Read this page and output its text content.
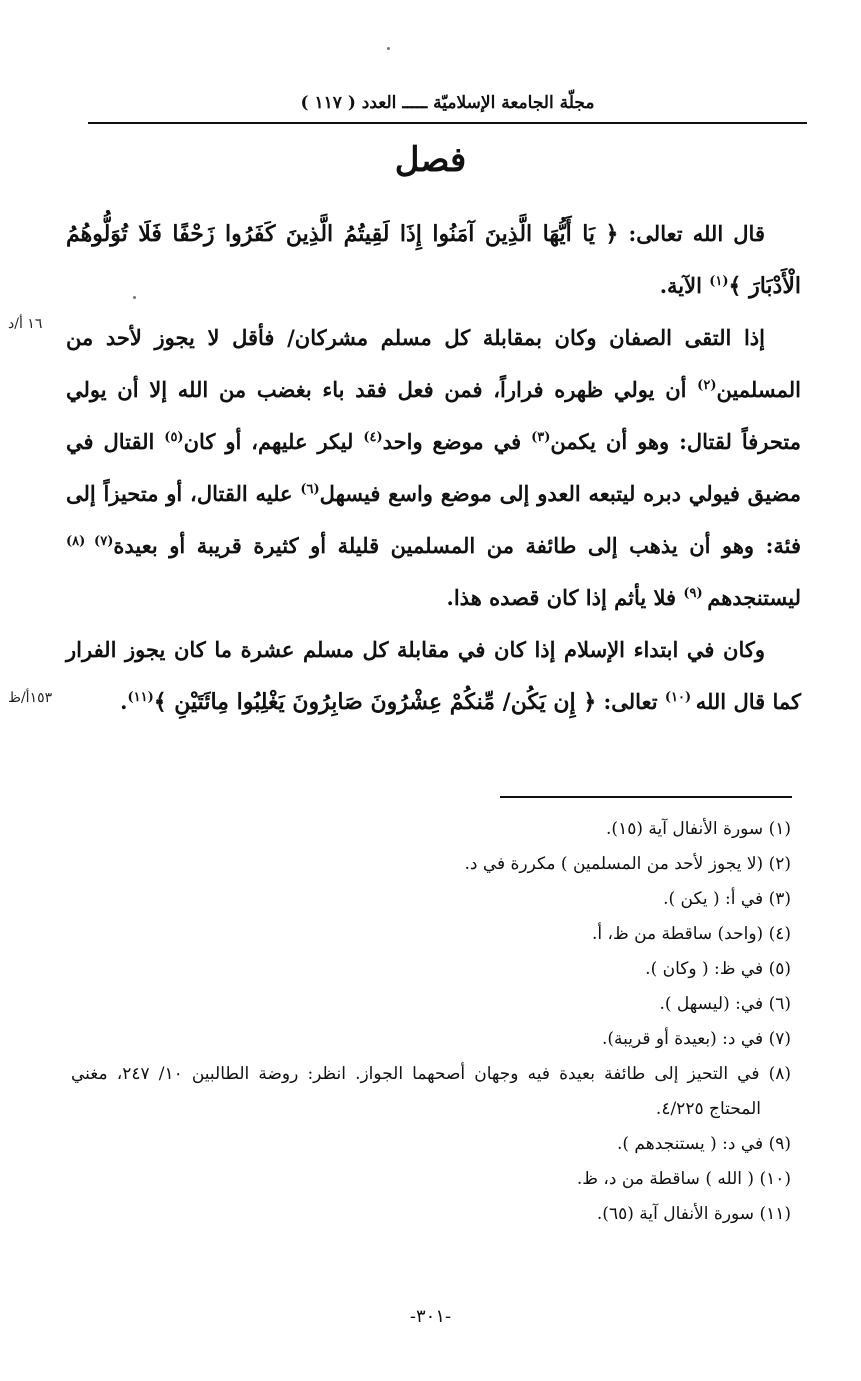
مجلّة الجامعة الإسلاميّة ـــــ العدد ( ١١٧ )
فصل

قال الله تعالى: ﴿ يَا أَيُّهَا الَّذِينَ آمَنُوا إِذَا لَقِيتُمُ الَّذِينَ كَفَرُوا زَحْفًا فَلَا تُوَلُّوهُمُ الْأَدْبَارَ ﴾$^{(١)}$ الآية.

إذا التقى الصفان وكان بمقابلة كل مسلم مشركان/ فأقل لا يجوز لأحد من المسلمين$^{(٢)}$ أن يولي ظهره فراراً، فمن فعل فقد باء بغضب من الله إلا أن يولي متحرفاً لقتال: وهو أن يكمن$^{(٣)}$ في موضع واحد$^{(٤)}$ ليكر عليهم، أو كان$^{(٥)}$ القتال في مضيق فيولي دبره ليتبعه العدو إلى موضع واسع فيسهل$^{(٦)}$ عليه القتال، أو متحيزاً إلى فئة: وهو أن يذهب إلى طائفة من المسلمين قليلة أو كثيرة قريبة أو بعيدة$^{(٧)}$ $^{(٨)}$ ليستنجدهم $^{(٩)}$ فلا يأثم إذا كان قصده هذا.

وكان في ابتداء الإسلام إذا كان في مقابلة كل مسلم عشرة ما كان يجوز الفرار كما قال الله $^{(١٠)}$ تعالى: ﴿ إِن يَكُن/ مِّنكُمْ عِشْرُونَ صَابِرُونَ يَغْلِبُوا مِائَتَيْنِ ﴾$^{(١١)}$.

١٦ أ/د
١٥٣أ/ظ

(١) سورة الأنفال آية (١٥).

(٢) (لا يجوز لأحد من المسلمين ) مكررة في د.

(٣) في أ: ( يكن ).

(٤) (واحد) ساقطة من ظ، أ.

(٥) في ظ: ( وكان ).

(٦) في: (ليسهل ).

(٧) في د: (بعيدة أو قريبة).

(٨) في التحيز إلى طائفة بعيدة فيه وجهان أصحهما الجواز. انظر: روضة الطالبين ١٠/ ٢٤٧، مغني المحتاج ٤/٢٢٥.

(٩) في د: ( يستنجدهم ).

(١٠) ( الله ) ساقطة من د، ظ.

(١١) سورة الأنفال آية (٦٥).

-٣٠١-
